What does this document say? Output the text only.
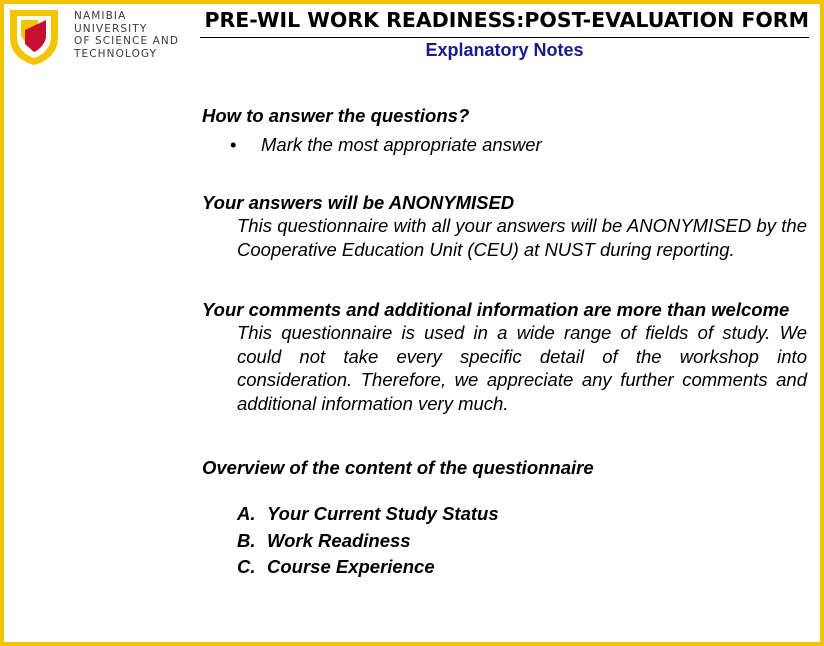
NAMIBIA
UNIVERSITY
OF SCIENCE AND
TECHNOLOGY
PRE-WIL WORK READINESS:POST-EVALUATION FORM
Explanatory Notes
How to answer the questions?
•	Mark the most appropriate answer
Your answers will be ANONYMISED
This questionnaire with all your answers will be ANONYMISED by the Cooperative Education Unit (CEU) at NUST during reporting.
Your comments and additional information are more than welcome
This questionnaire is used in a wide range of fields of study. We could not take every specific detail of the workshop into consideration. Therefore, we appreciate any further comments and additional information very much.
Overview of the content of the questionnaire
A. Your Current Study Status
B. Work Readiness
C. Course Experience
